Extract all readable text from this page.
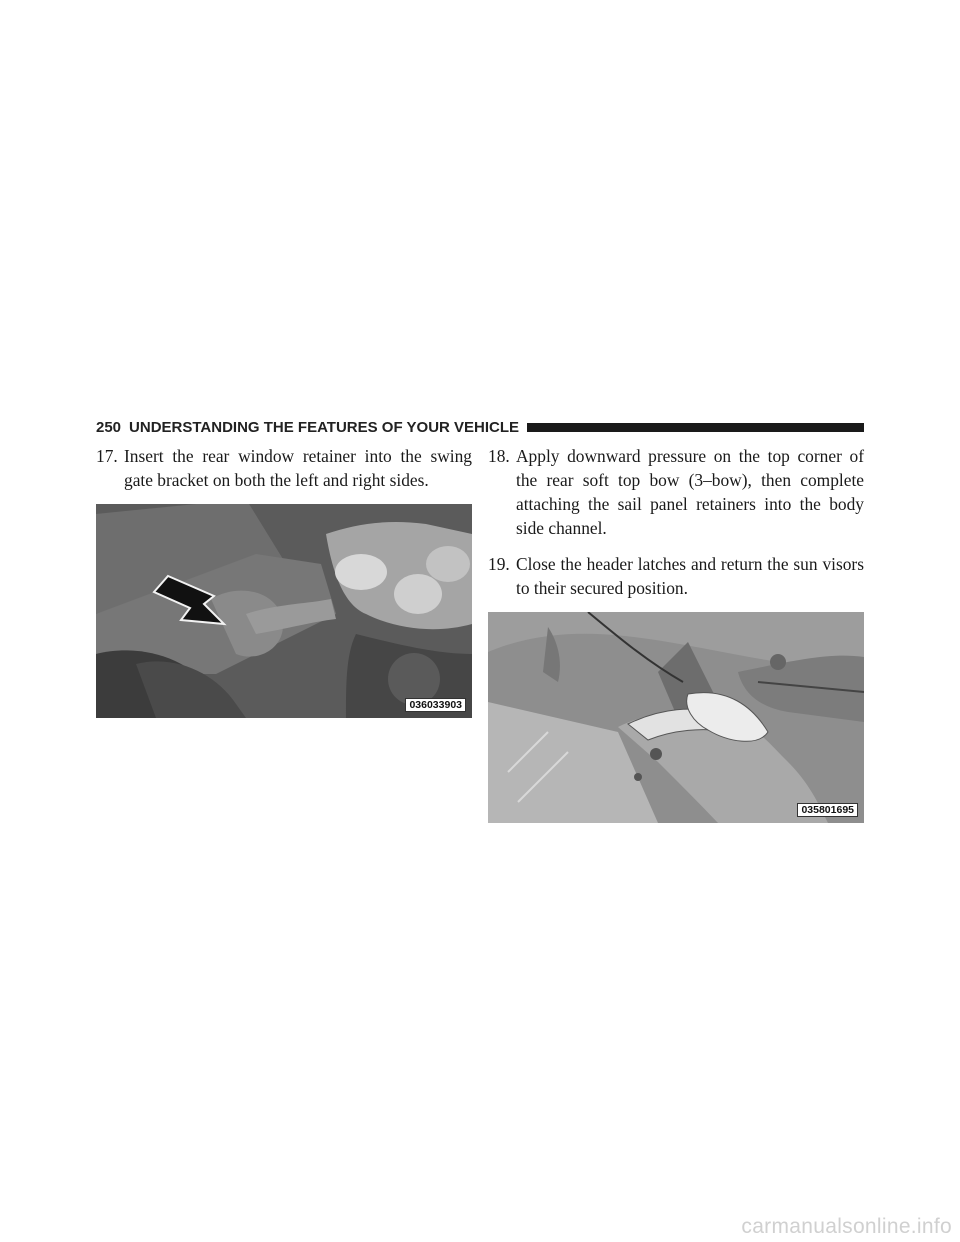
250 UNDERSTANDING THE FEATURES OF YOUR VEHICLE

17. Insert the rear window retainer into the swing gate bracket on both the left and right sides.

036033903

18. Apply downward pressure on the top corner of the rear soft top bow (3–bow), then complete attaching the sail panel retainers into the body side channel.

19. Close the header latches and return the sun visors to their secured position.

035801695
carmanualsonline.info
